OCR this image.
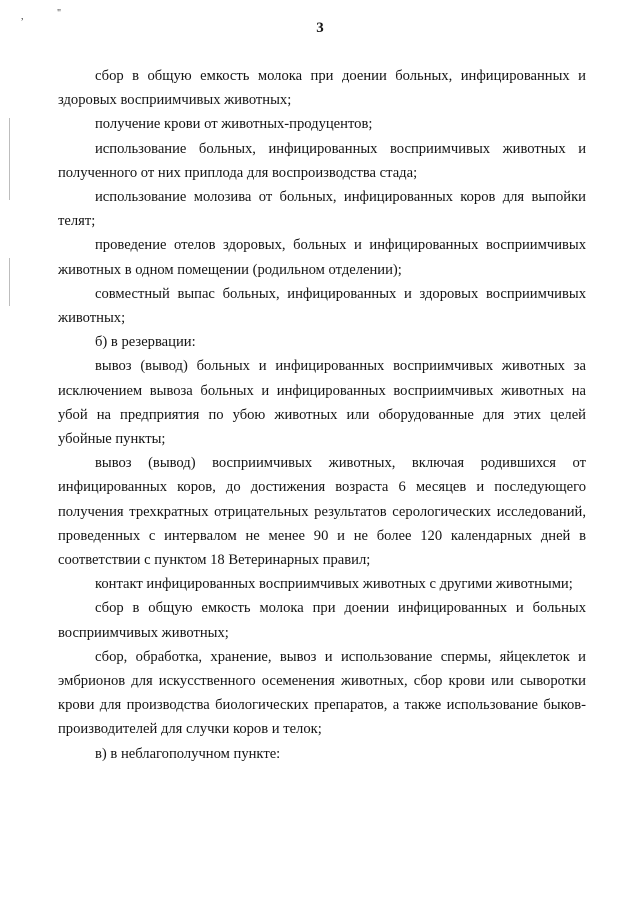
,	"
3

сбор в общую емкость молока при доении больных, инфицированных и здоровых восприимчивых животных;

получение крови от животных-продуцентов;

использование больных, инфицированных восприимчивых животных и полученного от них приплода для воспроизводства стада;

использование молозива от больных, инфицированных коров для выпойки телят;

проведение отелов здоровых, больных и инфицированных восприимчивых животных в одном помещении (родильном отделении);

совместный выпас больных, инфицированных и здоровых восприимчивых животных;

б) в резервации:

вывоз (вывод) больных и инфицированных восприимчивых животных за исключением вывоза больных и инфицированных восприимчивых животных на убой на предприятия по убою животных или оборудованные для этих целей убойные пункты;

вывоз (вывод) восприимчивых животных, включая родившихся от инфицированных коров, до достижения возраста 6 месяцев и последующего получения трехкратных отрицательных результатов серологических исследований, проведенных с интервалом не менее 90 и не более 120 календарных дней в соответствии с пунктом 18 Ветеринарных правил;

контакт инфицированных восприимчивых животных с другими животными;

сбор в общую емкость молока при доении инфицированных и больных восприимчивых животных;

сбор, обработка, хранение, вывоз и использование спермы, яйцеклеток и эмбрионов для искусственного осеменения животных, сбор крови или сыворотки крови для производства биологических препаратов, а также использование быков-производителей для случки коров и телок;

в) в неблагополучном пункте:
